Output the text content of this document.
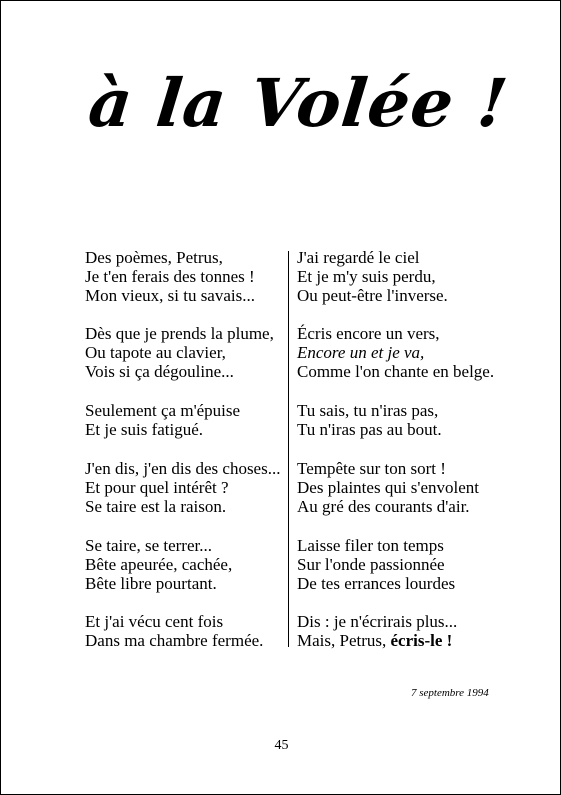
à la Volée !
Des poèmes, Petrus,
Je t'en ferais des tonnes !
Mon vieux, si tu savais...
Dès que je prends la plume,
Ou tapote au clavier,
Vois si ça dégouline...
Seulement ça m'épuise
Et je suis fatigué.
J'en dis, j'en dis des choses...
Et pour quel intérêt ?
Se taire est la raison.
Se taire, se terrer...
Bête apeurée, cachée,
Bête libre pourtant.
Et j'ai vécu cent fois
Dans ma chambre fermée.
J'ai regardé le ciel
Et je m'y suis perdu,
Ou peut-être l'inverse.
Écris encore un vers,
Encore un et je va,
Comme l'on chante en belge.
Tu sais, tu n'iras pas,
Tu n'iras pas au bout.
Tempête sur ton sort !
Des plaintes qui s'envolent
Au gré des courants d'air.
Laisse filer ton temps
Sur l'onde passionnée
De tes errances lourdes
Dis : je n'écrirais plus...
Mais, Petrus, écris-le !
7 septembre 1994
45
